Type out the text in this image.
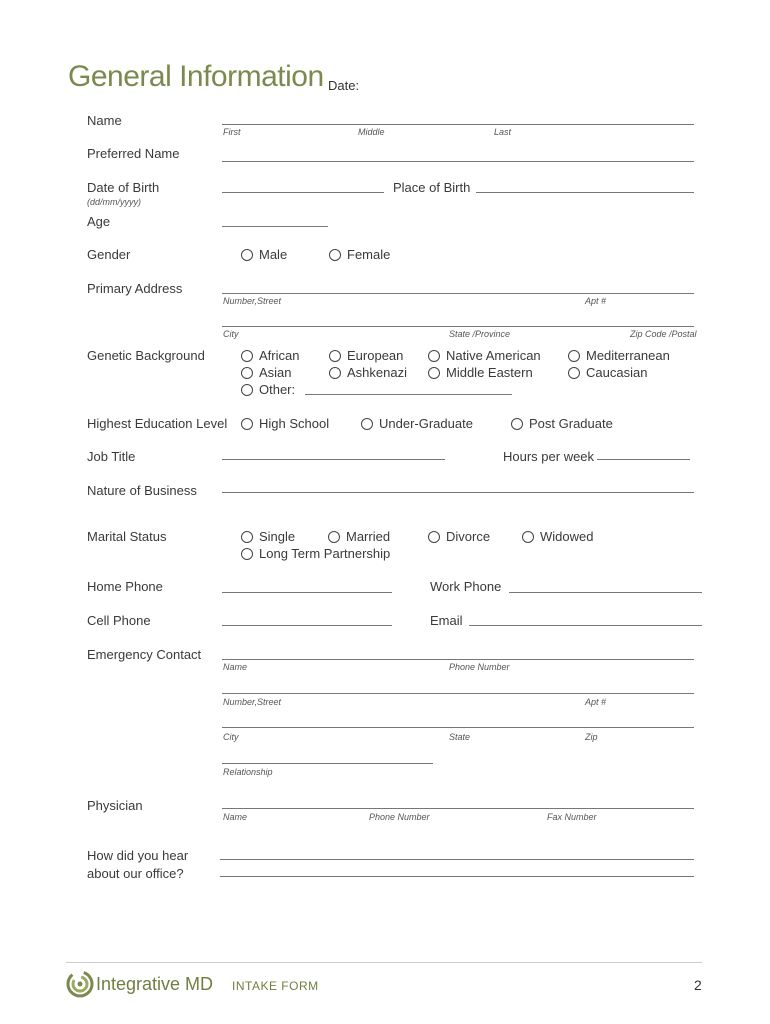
General Information Date:
Name
First	Middle	Last
Preferred Name
Date of Birth
(dd/mm/yyyy)
Place of Birth
Age
Gender	Male	Female
Primary Address
Number,Street	Apt #
City	State /Province	Zip Code /Postal
Genetic Background	African	European	Native American	Mediterranean
Asian	Ashkenazi	Middle Eastern	Caucasian
Other:
Highest Education Level High School	Under-Graduate	Post Graduate
Job Title	Hours per week
Nature of Business
Marital Status	Single	Married	Divorce	Widowed
Long Term Partnership
Home Phone	Work Phone
Cell Phone	Email
Emergency Contact
Name	Phone Number
Number,Street	Apt #
City	State	Zip
Relationship
Physician
Name	Phone Number	Fax Number
How did you hear
about our office?
Integrative MD INTAKE FORM	2
